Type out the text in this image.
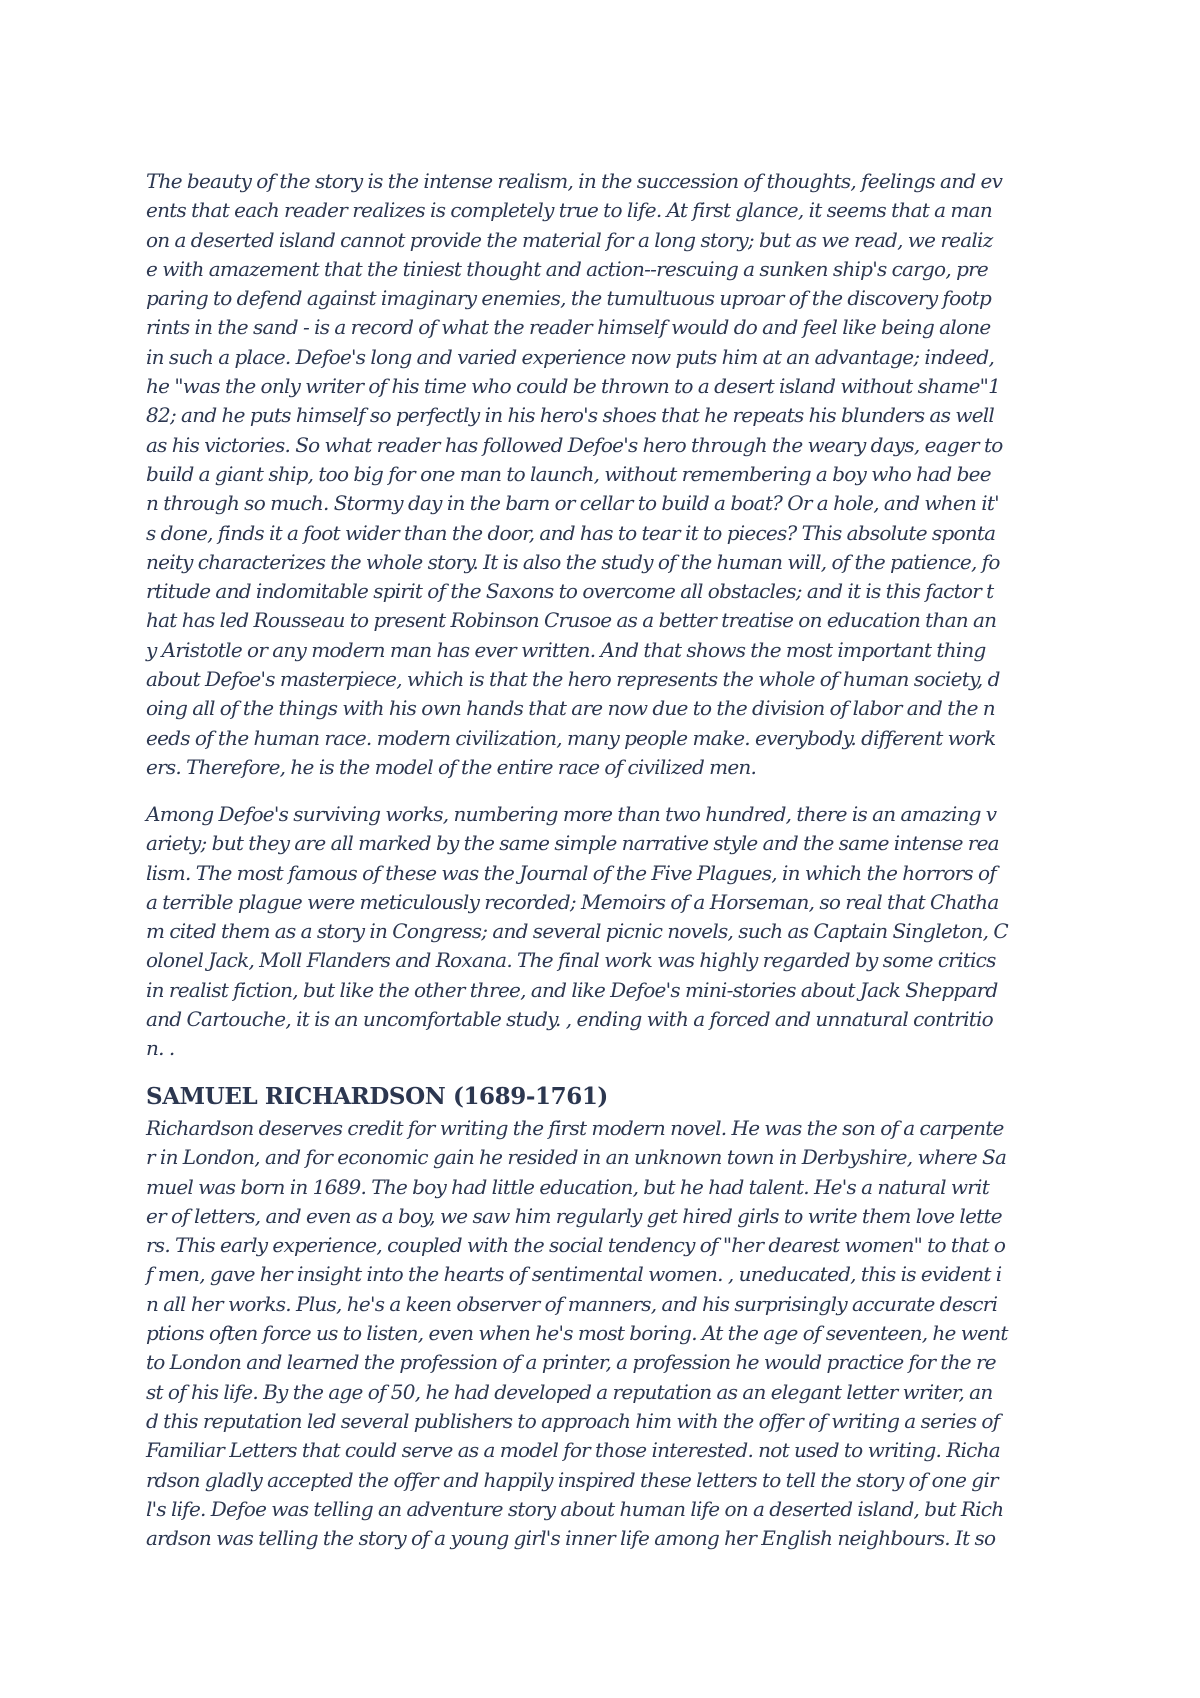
The beauty of the story is the intense realism, in the succession of thoughts, feelings and ev
ents that each reader realizes is completely true to life. At first glance, it seems that a man
on a deserted island cannot provide the material for a long story; but as we read, we realiz
e with amazement that the tiniest thought and action--rescuing a sunken ship's cargo, pre
paring to defend against imaginary enemies, the tumultuous uproar of the discovery footp
rints in the sand - is a record of what the reader himself would do and feel like being alone
in such a place. Defoe's long and varied experience now puts him at an advantage; indeed,
he "was the only writer of his time who could be thrown to a desert island without shame"1
82; and he puts himself so perfectly in his hero's shoes that he repeats his blunders as well
as his victories. So what reader has followed Defoe's hero through the weary days, eager to
build a giant ship, too big for one man to launch, without remembering a boy who had bee
n through so much. Stormy day in the barn or cellar to build a boat? Or a hole, and when it'
s done, finds it a foot wider than the door, and has to tear it to pieces? This absolute sponta
neity characterizes the whole story. It is also the study of the human will, of the patience, fo
rtitude and indomitable spirit of the Saxons to overcome all obstacles; and it is this factor t
hat has led Rousseau to present Robinson Crusoe as a better treatise on education than an
y Aristotle or any modern man has ever written. And that shows the most important thing
about Defoe's masterpiece, which is that the hero represents the whole of human society, d
oing all of the things with his own hands that are now due to the division of labor and the n
eeds of the human race. modern civilization, many people make. everybody. different work
ers. Therefore, he is the model of the entire race of civilized men.
Among Defoe's surviving works, numbering more than two hundred, there is an amazing v
ariety; but they are all marked by the same simple narrative style and the same intense rea
lism. The most famous of these was the Journal of the Five Plagues, in which the horrors of
a terrible plague were meticulously recorded; Memoirs of a Horseman, so real that Chatha
m cited them as a story in Congress; and several picnic novels, such as Captain Singleton, C
olonel Jack, Moll Flanders and Roxana. The final work was highly regarded by some critics
in realist fiction, but like the other three, and like Defoe's mini-stories about Jack Sheppard
and Cartouche, it is an uncomfortable study. , ending with a forced and unnatural contritio
n. .
SAMUEL RICHARDSON (1689-1761)
Richardson deserves credit for writing the first modern novel. He was the son of a carpente
r in London, and for economic gain he resided in an unknown town in Derbyshire, where Sa
muel was born in 1689. The boy had little education, but he had talent. He's a natural writ
er of letters, and even as a boy, we saw him regularly get hired girls to write them love lette
rs. This early experience, coupled with the social tendency of "her dearest women" to that o
f men, gave her insight into the hearts of sentimental women. , uneducated, this is evident i
n all her works. Plus, he's a keen observer of manners, and his surprisingly accurate descri
ptions often force us to listen, even when he's most boring. At the age of seventeen, he went
to London and learned the profession of a printer, a profession he would practice for the re
st of his life. By the age of 50, he had developed a reputation as an elegant letter writer, an
d this reputation led several publishers to approach him with the offer of writing a series of
Familiar Letters that could serve as a model for those interested. not used to writing. Richa
rdson gladly accepted the offer and happily inspired these letters to tell the story of one gir
l's life. Defoe was telling an adventure story about human life on a deserted island, but Rich
ardson was telling the story of a young girl's inner life among her English neighbours. It so
